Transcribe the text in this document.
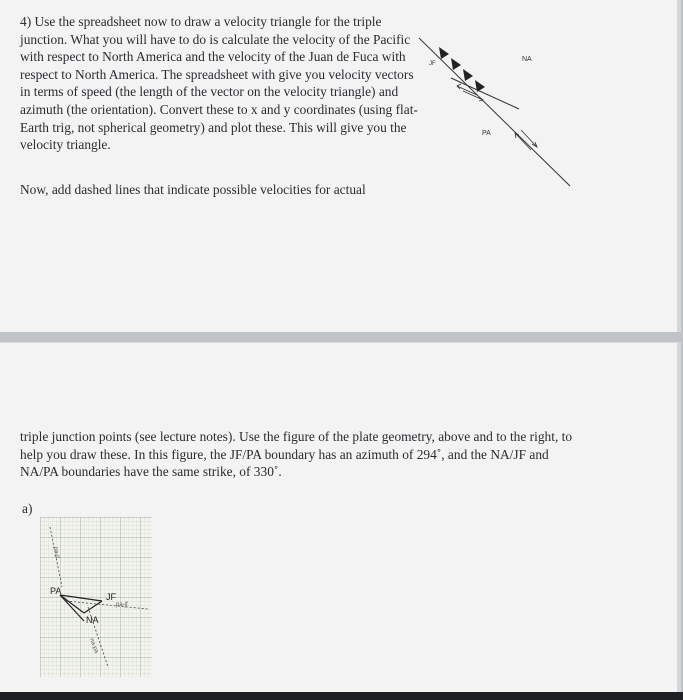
4) Use the spreadsheet now to draw a velocity triangle for the triple junction. What you will have to do is calculate the velocity of the Pacific with respect to North America and the velocity of the Juan de Fuca with respect to North America. The spreadsheet with give you velocity vectors in terms of speed (the length of the vector on the velocity triangle) and azimuth (the orientation). Convert these to x and y coordinates (using flat-Earth trig, not spherical geometry) and plot these. This will give you the velocity triangle.

Now, add dashed lines that indicate possible velocities for actual

JF
NA
PA

triple junction points (see lecture notes). Use the figure of the plate geometry, above and to the right, to help you draw these. In this figure, the JF/PA boundary has an azimuth of 294˚, and the NA/JF and NA/PA boundaries have the same strike, of 330˚.

a)
PA
JF
NA
pa-jf
pa-jf
na-pa
